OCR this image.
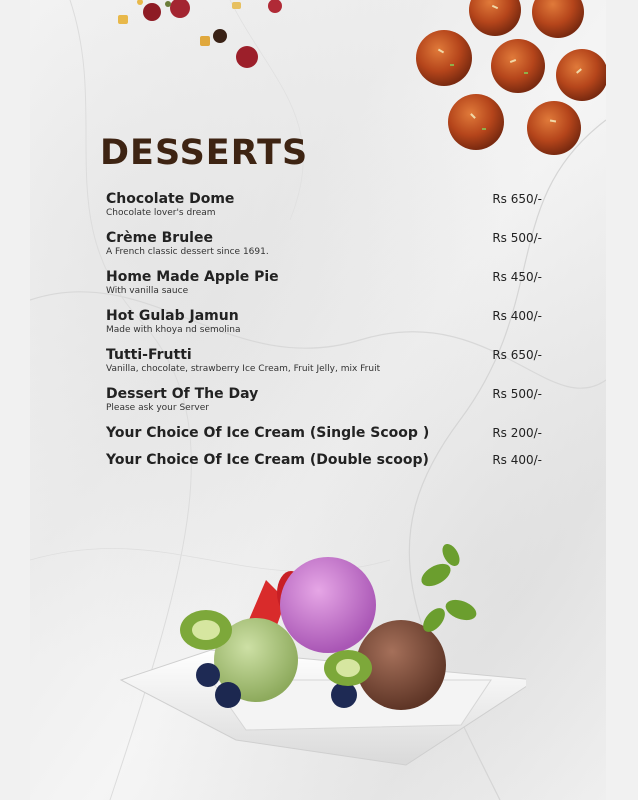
DESSERTS
Chocolate Dome
Chocolate lover's dream
Rs 650/-
Crème Brulee
A French classic dessert since 1691.
Rs 500/-
Home Made Apple Pie
With vanilla sauce
Rs 450/-
Hot Gulab Jamun
Made with khoya nd semolina
Rs 400/-
Tutti-Frutti
Vanilla, chocolate, strawberry Ice Cream, Fruit Jelly, mix Fruit
Rs 650/-
Dessert Of The Day
Please ask your Server
Rs 500/-
Your Choice Of Ice Cream (Single Scoop )	Rs 200/-
Your Choice Of Ice Cream (Double scoop)	Rs 400/-
